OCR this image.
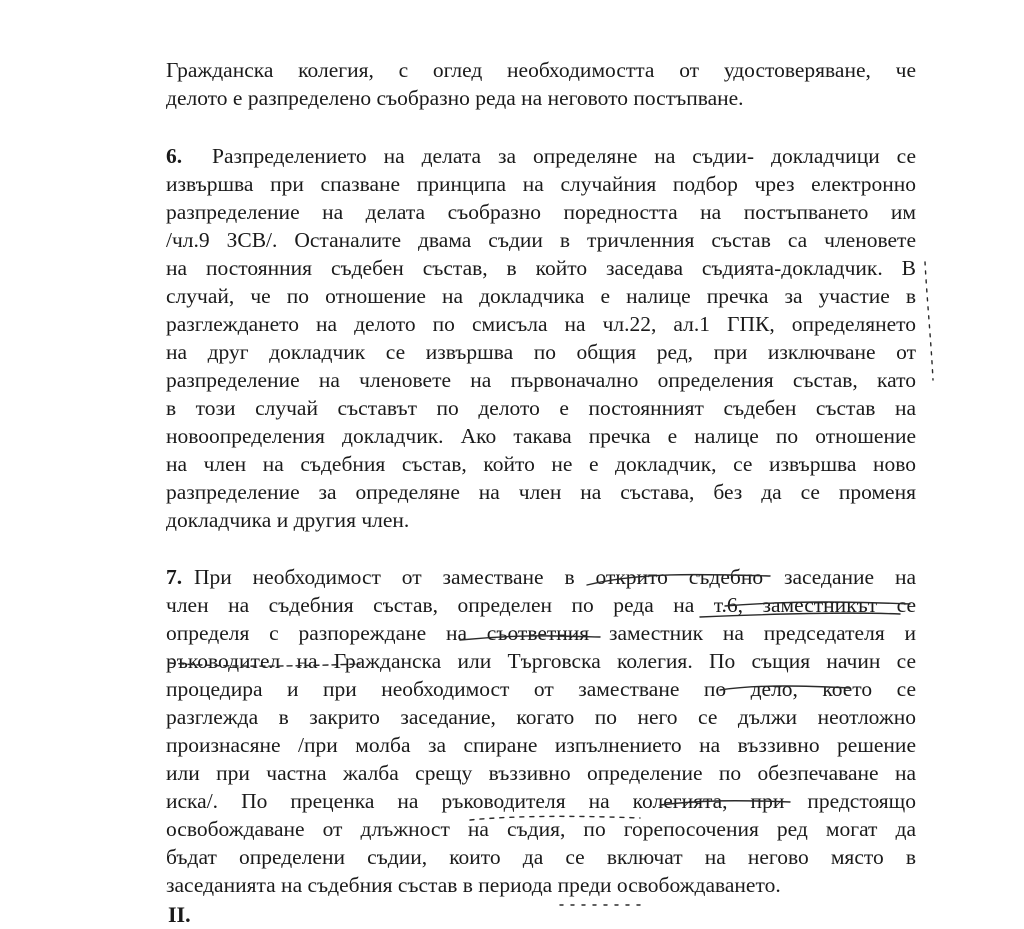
Гражданска колегия, с оглед необходимостта от удостоверяване, че
делото е разпределено съобразно реда на неговото постъпване.
6.	Разпределението на делата за определяне на съдии- докладчици се
извършва при спазване принципа на случайния подбор чрез електронно
разпределение на делата съобразно поредността на постъпването им
/чл.9 ЗСВ/. Останалите двама съдии в тричленния състав са членовете
на постоянния съдебен състав, в който заседава съдията-докладчик. В
случай, че по отношение на докладчика е налице пречка за участие в
разглеждането на делото по смисъла на чл.22, ал.1 ГПК, определянето
на друг докладчик се извършва по общия ред, при изключване от
разпределение на членовете на първоначално определения състав, като
в този случай съставът по делото е постоянният съдебен състав на
новоопределения докладчик. Ако такава пречка е налице по отношение
на член на съдебния състав, който не е докладчик, се извършва ново
разпределение за определяне на член на състава, без да се променя
докладчика и другия член.
7. При необходимост от заместване в открито съдебно заседание на
член на съдебния състав, определен по реда на т.6, заместникът се
определя с разпореждане на съответния заместник на председателя и
ръководител на Гражданска или Търговска колегия. По същия начин се
процедира и при необходимост от заместване по дело, което се
разглежда в закрито заседание, когато по него се дължи неотложно
произнасяне /при молба за спиране изпълнението на въззивно решение
или при частна жалба срещу въззивно определение по обезпечаване на
иска/. По преценка на ръководителя на колегията, при предстоящо
освобождаване от длъжност на съдия, по горепосочения ред могат да
бъдат определени съдии, които да се включат на негово място в
заседанията на съдебния състав в периода преди освобождаването.
II.
